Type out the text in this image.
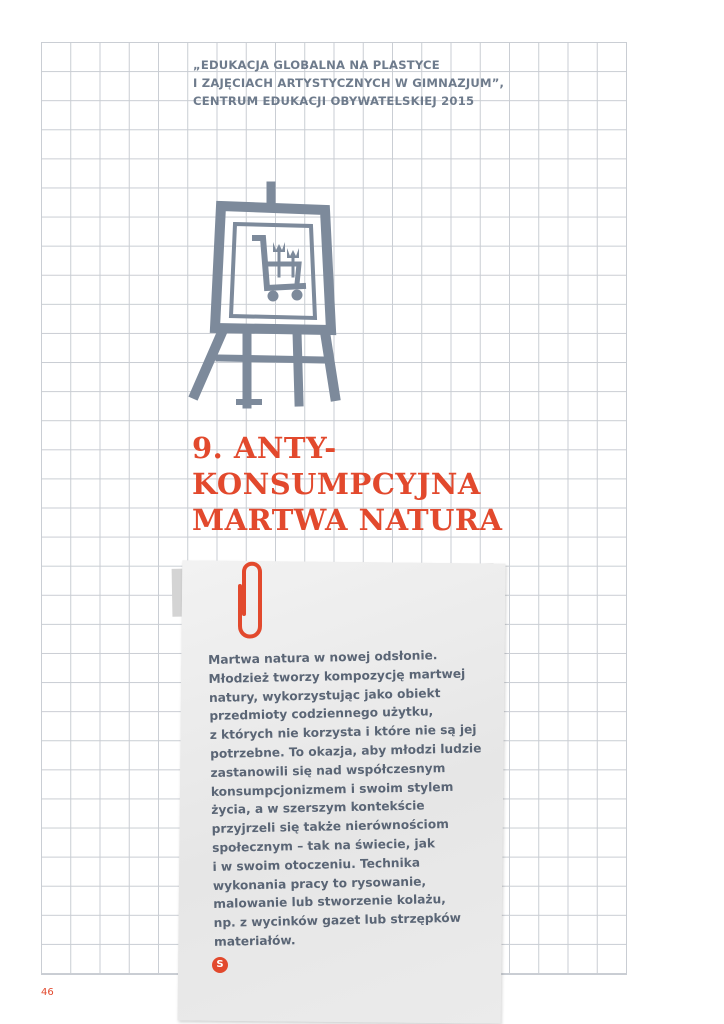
„EDUKACJA GLOBALNA NA PLASTYCE
I ZAJĘCIACH ARTYSTYCZNYCH W GIMNAZJUM”,
CENTRUM EDUKACJI OBYWATELSKIEJ 2015
9. ANTY-
KONSUMPCYJNA
MARTWA NATURA
Martwa natura w nowej odsłonie.
Młodzież tworzy kompozycję martwej
natury, wykorzystując jako obiekt
przedmioty codziennego użytku,
z których nie korzysta i które nie są jej
potrzebne. To okazja, aby młodzi ludzie
zastanowili się nad współczesnym
konsumpcjonizmem i swoim stylem
życia, a w szerszym kontekście
przyjrzeli się także nierównościom
społecznym – tak na świecie, jak
i w swoim otoczeniu. Technika
wykonania pracy to rysowanie,
malowanie lub stworzenie kolażu,
np. z wycinków gazet lub strzępków
materiałów.
S
46
